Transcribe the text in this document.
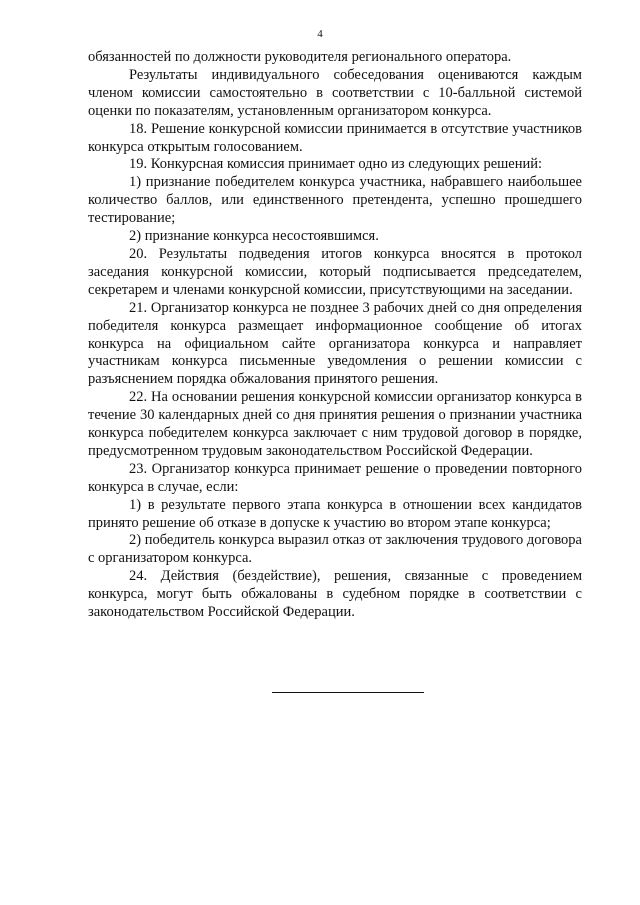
4

обязанностей по должности руководителя регионального оператора.

Результаты индивидуального собеседования оцениваются каждым членом комиссии самостоятельно в соответствии с 10-балльной системой оценки по показателям, установленным организатором конкурса.

18. Решение конкурсной комиссии принимается в отсутствие участников конкурса открытым голосованием.

19. Конкурсная комиссия принимает одно из следующих решений:

1) признание победителем конкурса участника, набравшего наибольшее количество баллов, или единственного претендента, успешно прошедшего тестирование;

2) признание конкурса несостоявшимся.

20. Результаты подведения итогов конкурса вносятся в протокол заседания конкурсной комиссии, который подписывается председателем, секретарем и членами конкурсной комиссии, присутствующими на заседании.

21. Организатор конкурса не позднее 3 рабочих дней со дня определения победителя конкурса размещает информационное сообщение об итогах конкурса на официальном сайте организатора конкурса и направляет участникам конкурса письменные уведомления о решении комиссии с разъяснением порядка обжалования принятого решения.

22. На основании решения конкурсной комиссии организатор конкурса в течение 30 календарных дней со дня принятия решения о признании участника конкурса победителем конкурса заключает с ним трудовой договор в порядке, предусмотренном трудовым законодательством Российской Федерации.

23. Организатор конкурса принимает решение о проведении повторного конкурса в случае, если:

1) в результате первого этапа конкурса в отношении всех кандидатов принято решение об отказе в допуске к участию во втором этапе конкурса;

2) победитель конкурса выразил отказ от заключения трудового договора с организатором конкурса.

24. Действия (бездействие), решения, связанные с проведением конкурса, могут быть обжалованы в судебном порядке в соответствии с законодательством Российской Федерации.
